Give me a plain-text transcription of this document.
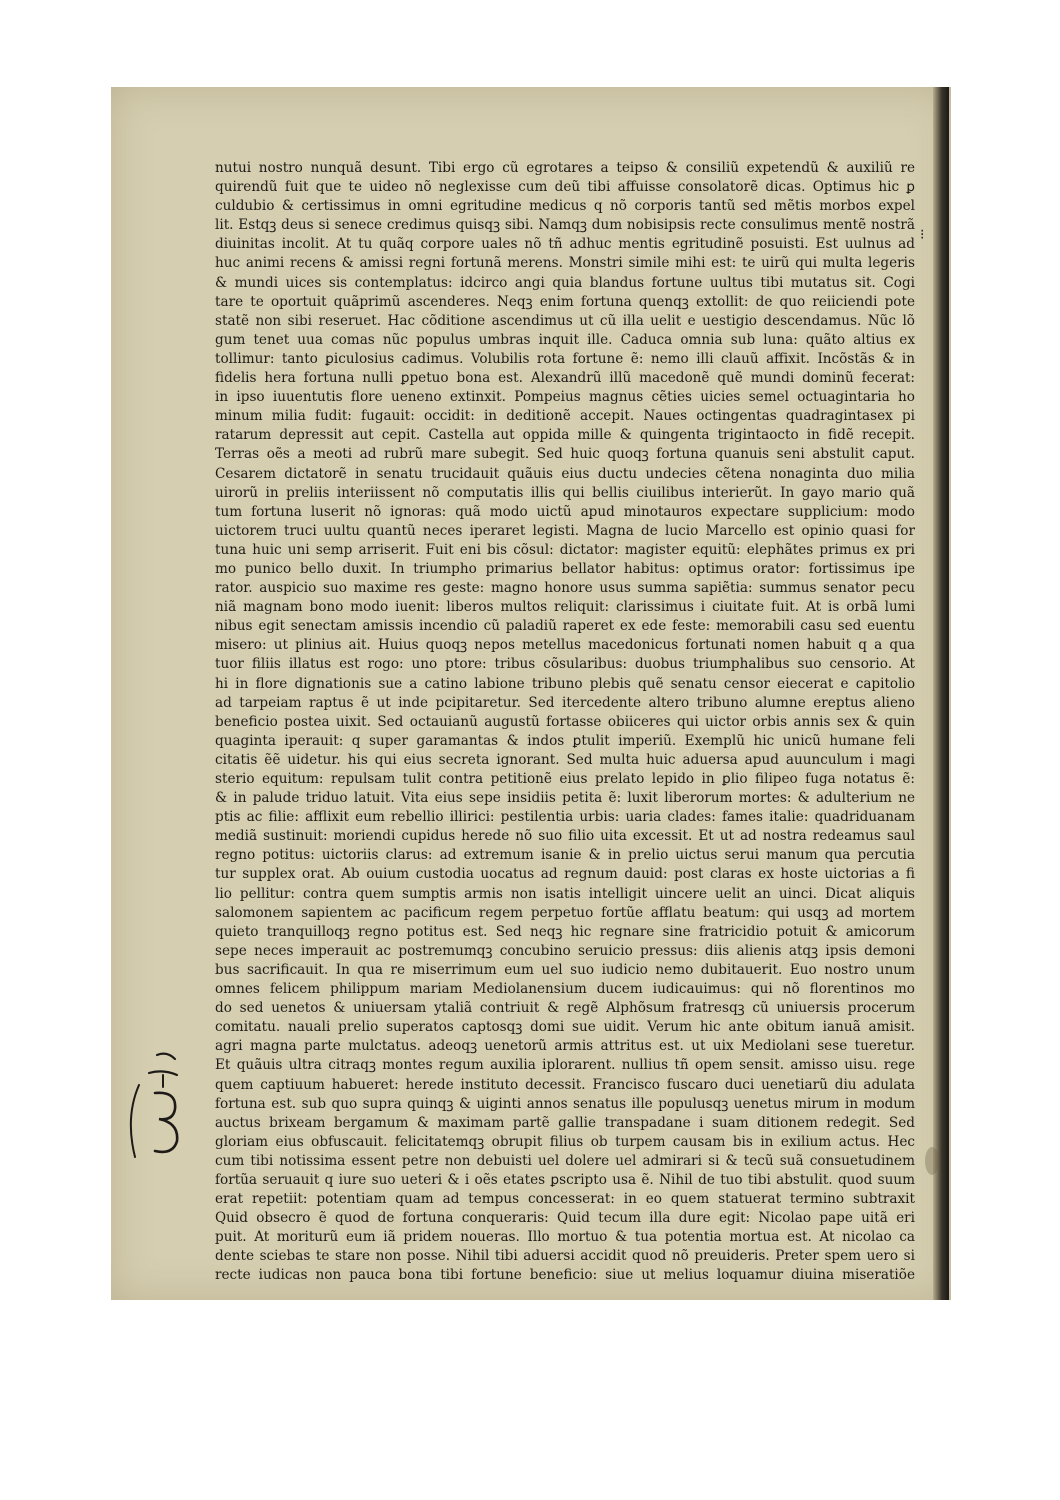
nutui nostro nunquã desunt. Tibi ergo cũ egrotares a teipso & consiliũ expetendũ & auxiliũ re
quirendũ fuit que te uideo nõ neglexisse cum deũ tibi affuisse consolatorẽ dicas. Optimus hic ꝑ
culdubio & certissimus in omni egritudine medicus q nõ corporis tantũ sed mẽtis morbos expel
lit. Estqꝫ deus si senece credimus quisqꝫ sibi. Namqꝫ dum nobisipsis recte consulimus mentẽ nostrã
diuinitas incolit. At tu quãq corpore uales nõ tñ adhuc mentis egritudinẽ posuisti. Est uulnus ad
huc animi recens & amissi regni fortunã merens. Monstri simile mihi est: te uirũ qui multa legeris
& mundi uices sis contemplatus: idcirco angi quia blandus fortune uultus tibi mutatus sit. Cogi
tare te oportuit quãprimũ ascenderes. Neqꝫ enim fortuna quenqꝫ extollit: de quo reiiciendi pote
statẽ non sibi reseruet. Hac cõditione ascendimus ut cũ illa uelit e uestigio descendamus. Nũc lõ
gum tenet uua comas nũc populus umbras inquit ille. Caduca omnia sub luna: quãto altius ex
tollimur: tanto ꝑiculosius cadimus. Volubilis rota fortune ẽ: nemo illi clauũ affixit. Incõstãs & in
fidelis hera fortuna nulli ꝑpetuo bona est. Alexandrũ illũ macedonẽ quẽ mundi dominũ fecerat:
in ipso iuuentutis flore ueneno extinxit. Pompeius magnus cẽties uicies semel octuagintaria ho
minum milia fudit: fugauit: occidit: in deditionẽ accepit. Naues octingentas quadragintasex pi
ratarum depressit aut cepit. Castella aut oppida mille & quingenta trigintaocto in fidẽ recepit.
Terras oẽs a meoti ad rubrũ mare subegit. Sed huic quoqꝫ fortuna quanuis seni abstulit caput.
Cesarem dictatorẽ in senatu trucidauit quãuis eius ductu undecies cẽtena nonaginta duo milia
uirorũ in preliis interiissent nõ computatis illis qui bellis ciuilibus interierũt. In gayo mario quã
tum fortuna luserit nõ ignoras: quã modo uictũ apud minotauros expectare supplicium: modo
uictorem truci uultu quantũ neces iperaret legisti. Magna de lucio Marcello est opinio quasi for
tuna huic uni semp arriserit. Fuit eni bis cõsul: dictator: magister equitũ: elephãtes primus ex pri
mo punico bello duxit. In triumpho primarius bellator habitus: optimus orator: fortissimus ipe
rator. auspicio suo maxime res geste: magno honore usus summa sapiẽtia: summus senator pecu
niã magnam bono modo iuenit: liberos multos reliquit: clarissimus i ciuitate fuit. At is orbã lumi
nibus egit senectam amissis incendio cũ paladiũ raperet ex ede feste: memorabili casu sed euentu
misero: ut plinius ait. Huius quoqꝫ nepos metellus macedonicus fortunati nomen habuit q a qua
tuor filiis illatus est rogo: uno ptore: tribus cõsularibus: duobus triumphalibus suo censorio. At
hi in flore dignationis sue a catino labione tribuno plebis quẽ senatu censor eiecerat e capitolio
ad tarpeiam raptus ẽ ut inde pcipitaretur. Sed itercedente altero tribuno alumne ereptus alieno
beneficio postea uixit. Sed octauianũ augustũ fortasse obiiceres qui uictor orbis annis sex & quin
quaginta iperauit: q super garamantas & indos ꝑtulit imperiũ. Exemplũ hic unicũ humane feli
citatis ẽẽ uidetur. his qui eius secreta ignorant. Sed multa huic aduersa apud auunculum i magi
sterio equitum: repulsam tulit contra petitionẽ eius prelato lepido in ꝑlio filipeo fuga notatus ẽ:
& in palude triduo latuit. Vita eius sepe insidiis petita ẽ: luxit liberorum mortes: & adulterium ne
ptis ac filie: afflixit eum rebellio illirici: pestilentia urbis: uaria clades: fames italie: quadriduanam
mediã sustinuit: moriendi cupidus herede nõ suo filio uita excessit. Et ut ad nostra redeamus saul
regno potitus: uictoriis clarus: ad extremum isanie & in prelio uictus serui manum qua percutia
tur supplex orat. Ab ouium custodia uocatus ad regnum dauid: post claras ex hoste uictorias a fi
lio pellitur: contra quem sumptis armis non isatis intelligit uincere uelit an uinci. Dicat aliquis
salomonem sapientem ac pacificum regem perpetuo fortũe afflatu beatum: qui usqꝫ ad mortem
quieto tranquilloqꝫ regno potitus est. Sed neqꝫ hic regnare sine fratricidio potuit & amicorum
sepe neces imperauit ac postremumqꝫ concubino seruicio pressus: diis alienis atqꝫ ipsis demoni
bus sacrificauit. In qua re miserrimum eum uel suo iudicio nemo dubitauerit. Euo nostro unum
omnes felicem philippum mariam Mediolanensium ducem iudicauimus: qui nõ florentinos mo
do sed uenetos & uniuersam ytaliã contriuit & regẽ Alphõsum fratresqꝫ cũ uniuersis procerum
comitatu. nauali prelio superatos captosqꝫ domi sue uidit. Verum hic ante obitum ianuã amisit.
agri magna parte mulctatus. adeoqꝫ uenetorũ armis attritus est. ut uix Mediolani sese tueretur.
Et quãuis ultra citraqꝫ montes regum auxilia iplorarent. nullius tñ opem sensit. amisso uisu. rege
quem captiuum habueret: herede instituto decessit. Francisco fuscaro duci uenetiarũ diu adulata
fortuna est. sub quo supra quinqꝫ & uiginti annos senatus ille populusqꝫ uenetus mirum in modum
auctus brixeam bergamum & maximam partẽ gallie transpadane i suam ditionem redegit. Sed
gloriam eius obfuscauit. felicitatemqꝫ obrupit filius ob turpem causam bis in exilium actus. Hec
cum tibi notissima essent petre non debuisti uel dolere uel admirari si & tecũ suã consuetudinem
fortũa seruauit q iure suo ueteri & i oẽs etates ꝑscripto usa ẽ. Nihil de tuo tibi abstulit. quod suum
erat repetiit: potentiam quam ad tempus concesserat: in eo quem statuerat termino subtraxit
Quid obsecro ẽ quod de fortuna conqueraris: Quid tecum illa dure egit: Nicolao pape uitã eri
puit. At moriturũ eum iã pridem noueras. Illo mortuo & tua potentia mortua est. At nicolao ca
dente sciebas te stare non posse. Nihil tibi aduersi accidit quod nõ preuideris. Preter spem uero si
recte iudicas non pauca bona tibi fortune beneficio: siue ut melius loquamur diuina miseratiõe
⁝
